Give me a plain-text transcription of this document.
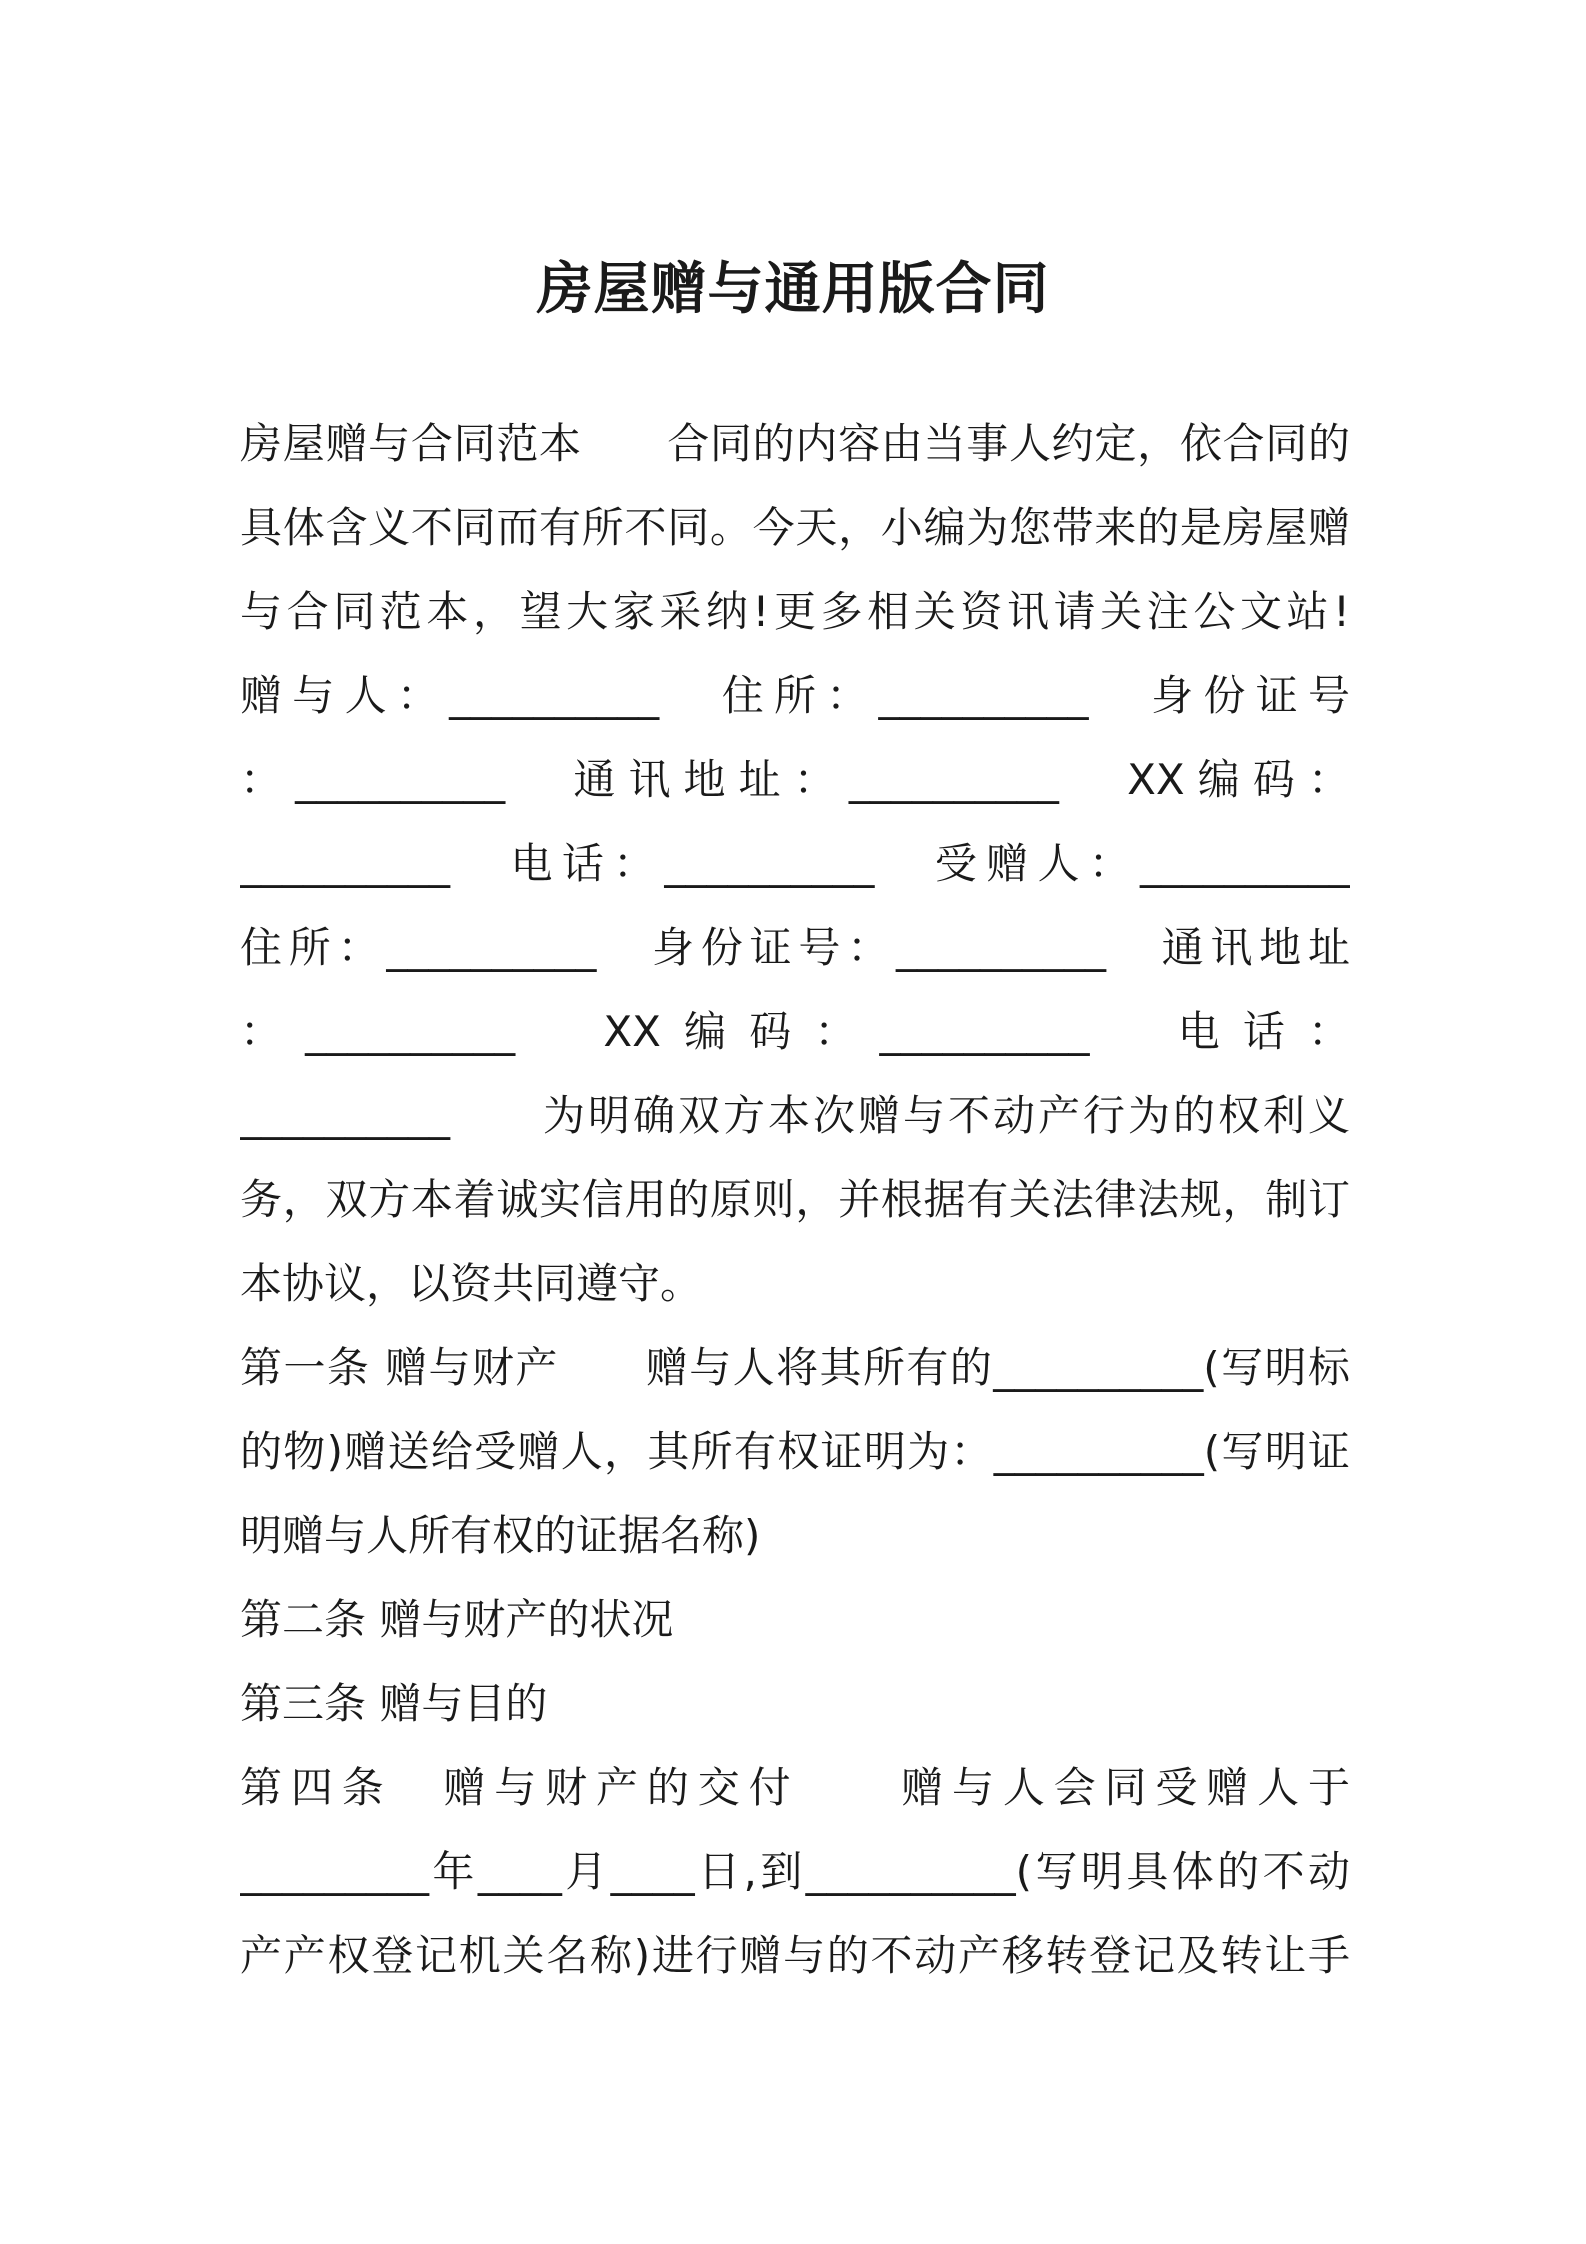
房屋赠与通用版合同
房屋赠与合同范本　　合同的内容由当事人约定，依合同的
具体含义不同而有所不同。今天，小编为您带来的是房屋赠
与合同范本，望大家采纳!更多相关资讯请关注公文站!
赠与人：__________　住所：__________　身份证号
：__________　通讯地址：__________　XX编码：
__________　电话：__________　受赠人：__________
住所：__________　身份证号：__________　通讯地址
：__________　XX编码：__________　电话：
__________　　为明确双方本次赠与不动产行为的权利义
务，双方本着诚实信用的原则，并根据有关法律法规，制订
本协议，以资共同遵守。
第一条 赠与财产　　赠与人将其所有的__________(写明标
的物)赠送给受赠人，其所有权证明为：__________(写明证
明赠与人所有权的证据名称)
第二条 赠与财产的状况
第三条 赠与目的
第四条　赠与财产的交付　　赠与人会同受赠人于
_________年____月____日,到__________(写明具体的不动
产产权登记机关名称)进行赠与的不动产移转登记及转让手
